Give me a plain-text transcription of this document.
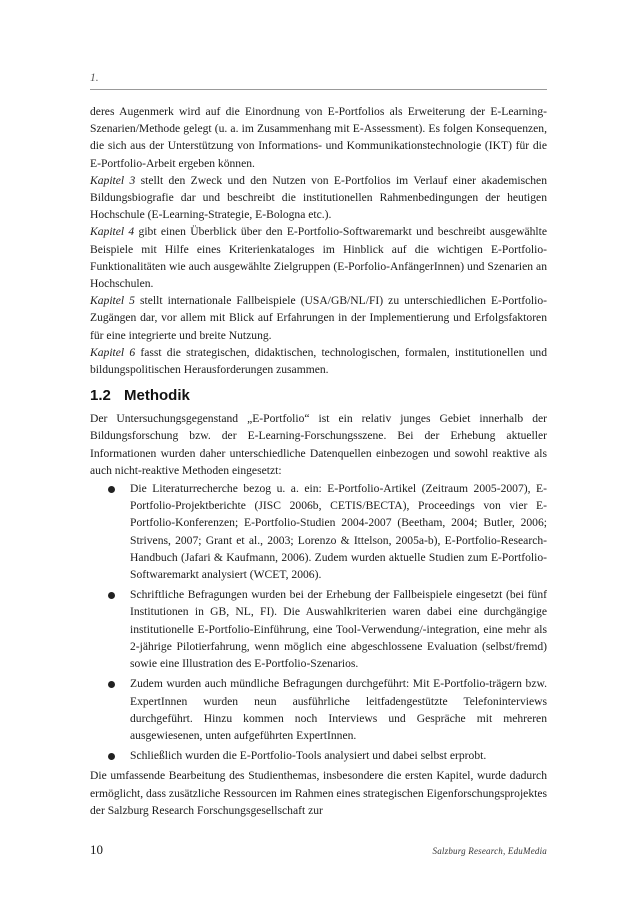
1.

deres Augenmerk wird auf die Einordnung von E-Portfolios als Erweiterung der E-Learning-Szenarien/Methode gelegt (u. a. im Zusammenhang mit E-Assessment). Es folgen Konsequenzen, die sich aus der Unterstützung von Informations- und Kommunikationstechnologie (IKT) für die E-Portfolio-Arbeit ergeben können.

Kapitel 3 stellt den Zweck und den Nutzen von E-Portfolios im Verlauf einer akademischen Bildungsbiografie dar und beschreibt die institutionellen Rahmenbedingungen der heutigen Hochschule (E-Learning-Strategie, E-Bologna etc.).

Kapitel 4 gibt einen Überblick über den E-Portfolio-Softwaremarkt und beschreibt ausgewählte Beispiele mit Hilfe eines Kriterienkataloges im Hinblick auf die wichtigen E-Portfolio-Funktionalitäten wie auch ausgewählte Zielgruppen (E-Porfolio-AnfängerInnen) und Szenarien an Hochschulen.

Kapitel 5 stellt internationale Fallbeispiele (USA/GB/NL/FI) zu unterschiedlichen E-Portfolio-Zugängen dar, vor allem mit Blick auf Erfahrungen in der Implementierung und Erfolgsfaktoren für eine integrierte und breite Nutzung.

Kapitel 6 fasst die strategischen, didaktischen, technologischen, formalen, institutionellen und bildungspolitischen Herausforderungen zusammen.

1.2 Methodik

Der Untersuchungsgegenstand „E-Portfolio“ ist ein relativ junges Gebiet innerhalb der Bildungsforschung bzw. der E-Learning-Forschungsszene. Bei der Erhebung aktueller Informationen wurden daher unterschiedliche Datenquellen einbezogen und sowohl reaktive als auch nicht-reaktive Methoden eingesetzt:

Die Literaturrecherche bezog u. a. ein: E-Portfolio-Artikel (Zeitraum 2005-2007), E-Portfolio-Projektberichte (JISC 2006b, CETIS/BECTA), Proceedings von vier E-Portfolio-Konferenzen; E-Portfolio-Studien 2004-2007 (Beetham, 2004; Butler, 2006; Strivens, 2007; Grant et al., 2003; Lorenzo & Ittelson, 2005a-b), E-Portfolio-Research-Handbuch (Jafari & Kaufmann, 2006). Zudem wurden aktuelle Studien zum E-Portfolio-Softwaremarkt analysiert (WCET, 2006).
Schriftliche Befragungen wurden bei der Erhebung der Fallbeispiele eingesetzt (bei fünf Institutionen in GB, NL, FI). Die Auswahlkriterien waren dabei eine durchgängige institutionelle E-Portfolio-Einführung, eine Tool-Verwendung/-integration, eine mehr als 2-jährige Pilotierfahrung, wenn möglich eine abgeschlossene Evaluation (selbst/fremd) sowie eine Illustration des E-Portfolio-Szenarios.
Zudem wurden auch mündliche Befragungen durchgeführt: Mit E-Portfolio-trägern bzw. ExpertInnen wurden neun ausführliche leitfadengestützte Telefoninterviews durchgeführt. Hinzu kommen noch Interviews und Gespräche mit mehreren ausgewiesenen, unten aufgeführten ExpertInnen.
Schließlich wurden die E-Portfolio-Tools analysiert und dabei selbst erprobt.

Die umfassende Bearbeitung des Studienthemas, insbesondere die ersten Kapitel, wurde dadurch ermöglicht, dass zusätzliche Ressourcen im Rahmen eines strategischen Eigenforschungsprojektes der Salzburg Research Forschungsgesellschaft zur

10	Salzburg Research, EduMedia
